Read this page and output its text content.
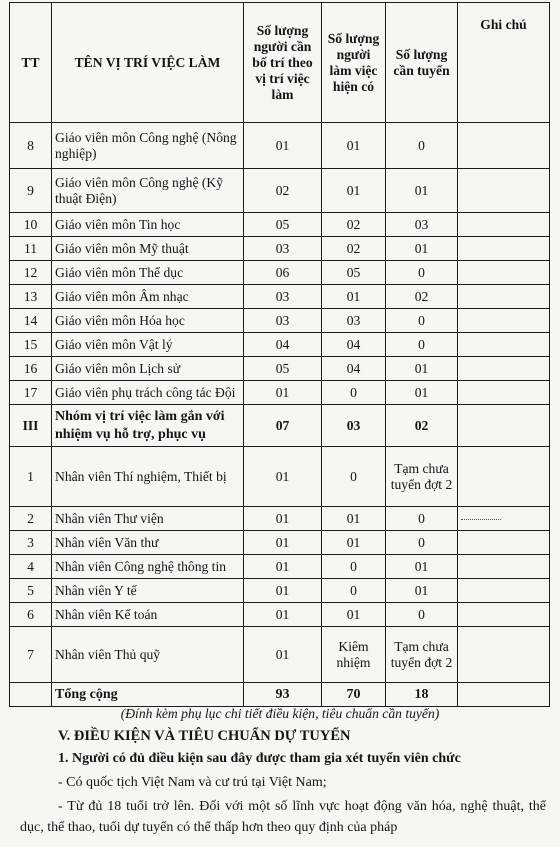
TT	TÊN VỊ TRÍ VIỆC LÀM	Số lượng người cần bố trí theo vị trí việc làm	Số lượng người làm việc hiện có	Số lượng cần tuyển	Ghi chú
8	Giáo viên môn Công nghệ (Nông nghiệp)	01	01	0	
9	Giáo viên môn Công nghệ (Kỹ thuật Điện)	02	01	01	
10	Giáo viên môn Tin học	05	02	03	
11	Giáo viên môn Mỹ thuật	03	02	01	
12	Giáo viên môn Thể dục	06	05	0	
13	Giáo viên môn Âm nhạc	03	01	02	
14	Giáo viên môn Hóa học	03	03	0	
15	Giáo viên môn Vật lý	04	04	0	
16	Giáo viên môn Lịch sử	05	04	01	
17	Giáo viên phụ trách công tác Đội	01	0	01	
III	Nhóm vị trí việc làm gắn với nhiệm vụ hỗ trợ, phục vụ	07	03	02	
1	Nhân viên Thí nghiệm, Thiết bị	01	0	Tạm chưa tuyển đợt 2	
2	Nhân viên Thư viện	01	01	0	
3	Nhân viên Văn thư	01	01	0	
4	Nhân viên Công nghệ thông tin	01	0	01	
5	Nhân viên Y tế	01	0	01	
6	Nhân viên Kế toán	01	01	0	
7	Nhân viên Thủ quỹ	01	Kiêm nhiệm	Tạm chưa tuyển đợt 2	
	Tổng cộng	93	70	18	

(Đính kèm phụ lục chi tiết điều kiện, tiêu chuẩn cần tuyển)

V. ĐIỀU KIỆN VÀ TIÊU CHUẨN DỰ TUYỂN

1. Người có đủ điều kiện sau đây được tham gia xét tuyển viên chức

- Có quốc tịch Việt Nam và cư trú tại Việt Nam;

- Từ đủ 18 tuổi trở lên. Đối với một số lĩnh vực hoạt động văn hóa, nghệ thuật, thể dục, thể thao, tuổi dự tuyển có thể thấp hơn theo quy định của pháp
